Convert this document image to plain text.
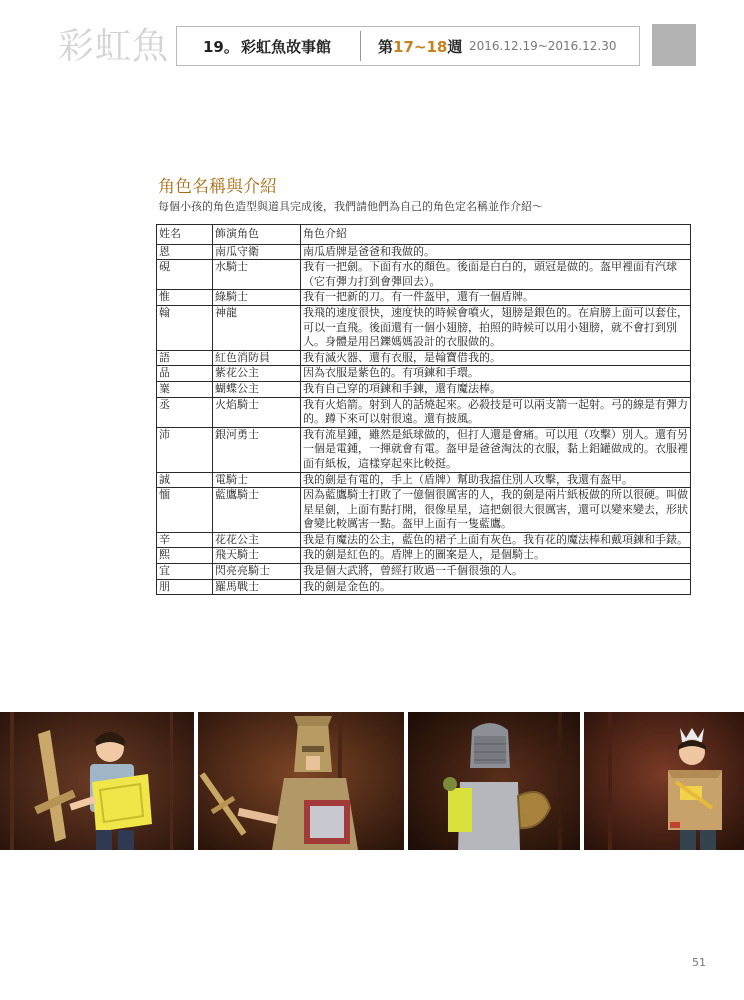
彩虹魚 19。 彩虹魚故事館	第17~18週 2016.12.19~2016.12.30
角色名稱與介紹
每個小孩的角色造型與道具完成後，我們請他們為自己的角色定名稱並作介紹～
姓名	飾演角色	角色介紹
恩	南瓜守衛	南瓜盾牌是爸爸和我做的。
硯	水騎士	我有一把劍。下面有水的顏色。後面是白白的，頭冠是做的。盔甲裡面有汽球（它有彈力打到會彈回去）。
惟	綠騎士	我有一把新的刀。有一件盔甲，還有一個盾牌。
翰	神龍	我飛的速度很快，速度快的時候會噴火，翅膀是銀色的。在肩膀上面可以套住，可以一直飛。後面還有一個小翅膀，拍照的時候可以用小翅膀，就不會打到別人。身體是用呂鑠媽媽設計的衣服做的。
語	紅色消防員	我有滅火器、還有衣服，是翰寶借我的。
品	紫花公主	因為衣服是紫色的。有項鍊和手環。
嶪	蝴蝶公主	我有自己穿的項鍊和手鍊，還有魔法棒。
丞	火焰騎士	我有火焰箭。射到人的話燒起來。必殺技是可以兩支箭一起射。弓的線是有彈力的。蹲下來可以射很遠。還有披風。
沛	銀河勇士	我有流星鍾，雖然是紙球做的，但打人還是會痛。可以甩（攻擊）別人。還有另一個是電鍾，一揮就會有電。盔甲是爸爸淘汰的衣服，黏上鋁罐做成的。衣服裡面有紙板，這樣穿起來比較挺。
誠	電騎士	我的劍是有電的，手上（盾牌）幫助我擋住別人攻擊，我還有盔甲。
愐	藍鷹騎士	因為藍鷹騎士打敗了一億個很厲害的人，我的劍是兩片紙板做的所以很硬。叫做星星劍，上面有點打開，很像星星，這把劍很大很厲害，還可以變來變去，形狀會變比較厲害一點。盔甲上面有一隻藍鷹。
辛	花花公主	我是有魔法的公主，藍色的裙子上面有灰色。我有花的魔法棒和戴項鍊和手錶。
熙	飛天騎士	我的劍是紅色的。盾牌上的圖案是人，是個騎士。
宜	閃亮亮騎士	我是個大武將，曾經打敗過一千個很強的人。
朋	羅馬戰士	我的劍是金色的。
51
